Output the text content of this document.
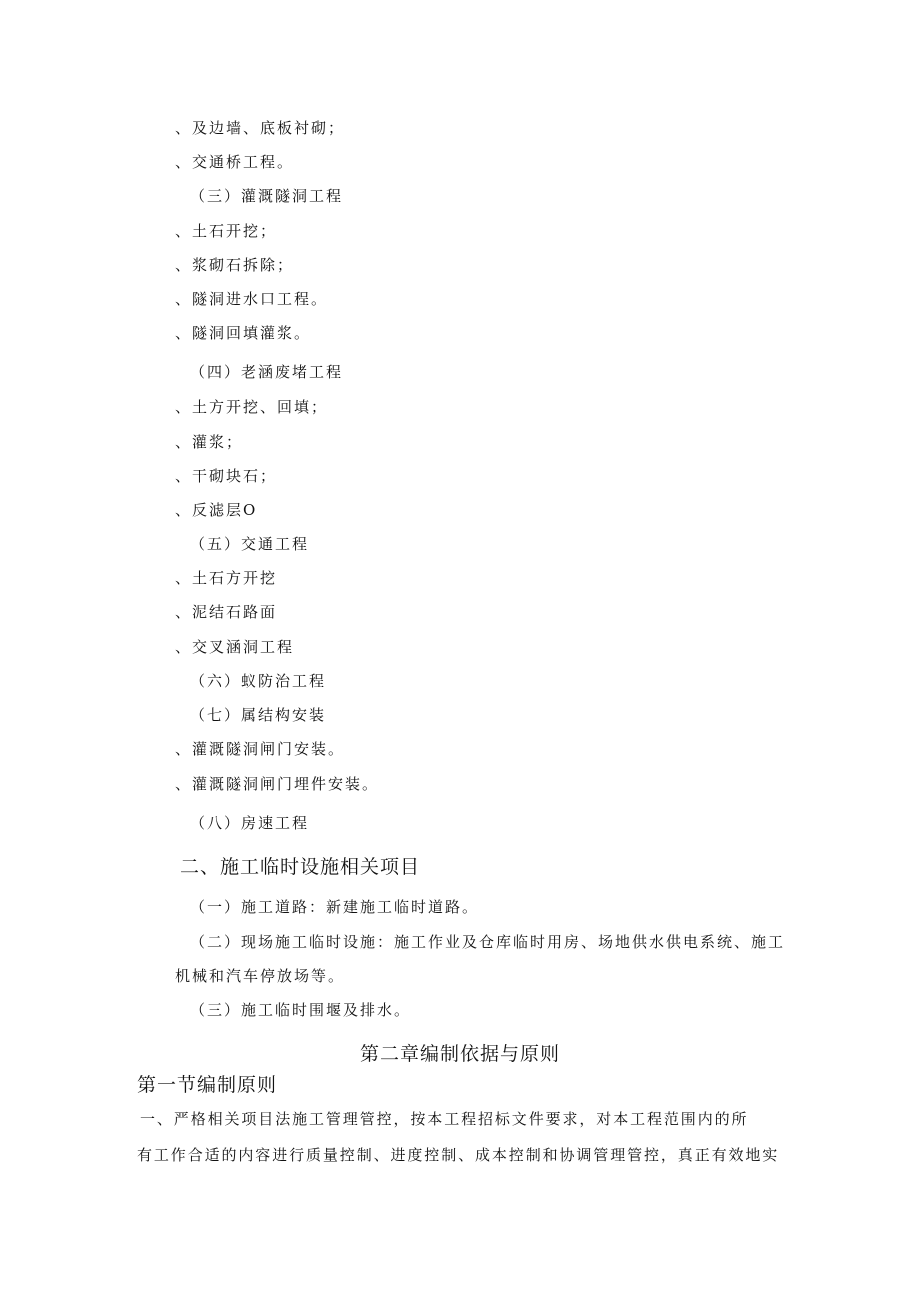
、及边墙、底板衬砌；
、交通桥工程。
（三）灌溉隧洞工程
、土石开挖；
、浆砌石拆除；
、隧洞进水口工程。
、隧洞回填灌浆。
（四）老涵废堵工程
、土方开挖、回填；
、灌浆；
、干砌块石；
、反滤层O
（五）交通工程
、土石方开挖
、泥结石路面
、交叉涵洞工程
（六）蚁防治工程
（七）属结构安装
、灌溉隧洞闸门安装。
、灌溉隧洞闸门埋件安装。
（八）房速工程
二、施工临时设施相关项目
（一）施工道路：新建施工临时道路。
（二）现场施工临时设施：施工作业及仓库临时用房、场地供水供电系统、施工
机械和汽车停放场等。
（三）施工临时围堰及排水。
第二章编制依据与原则
第一节编制原则
一、严格相关项目法施工管理管控，按本工程招标文件要求，对本工程范围内的所
有工作合适的内容进行质量控制、进度控制、成本控制和协调管理管控，真正有效地实
